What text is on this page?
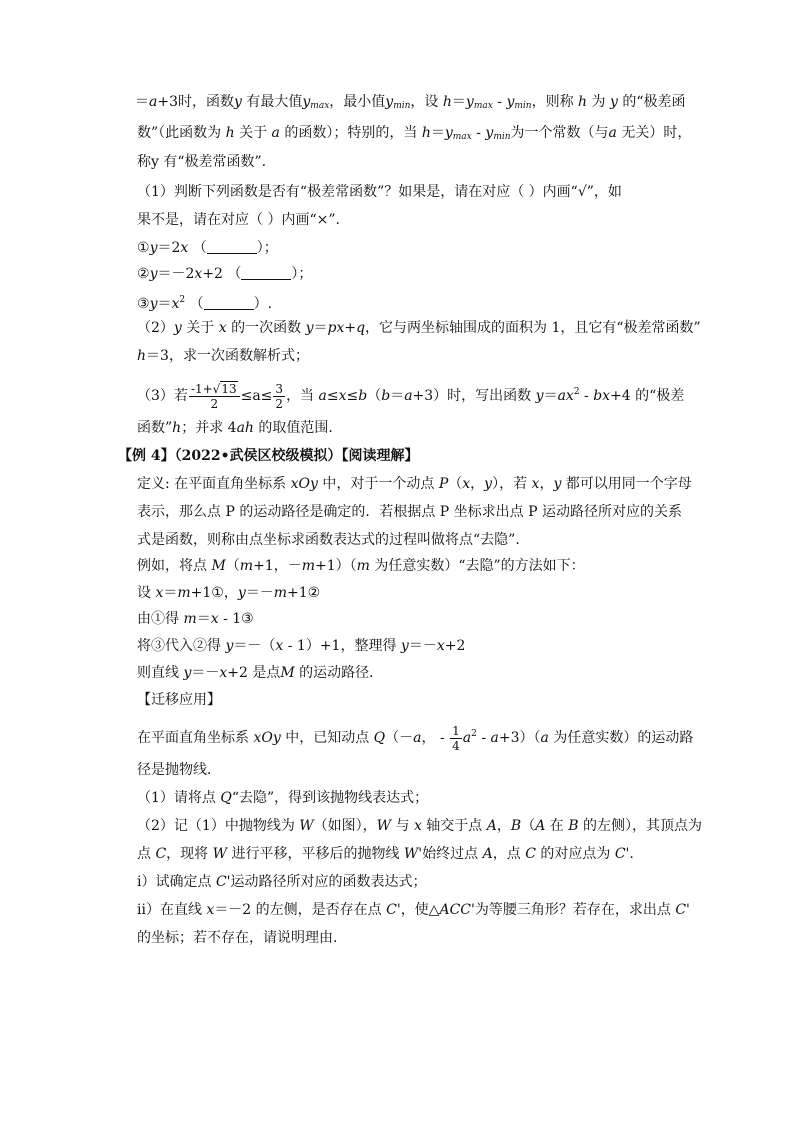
＝a+3时，函数y 有最大值$y_{max}$，最小值$y_{min}$，设 $h=y_{max} - y_{min}$，则称 h 为 y 的“极差函
数”（此函数为 h 关于 a 的函数）；特别的，当 $h=y_{max} - y_{min}$为一个常数（与a 无关）时，
称y 有“极差常函数”.
（1）判断下列函数是否有“极差常函数”？如果是，请在对应（ ）内画“√”，如
果不是，请在对应（ ）内画“×”.
①y＝2x （	）；
②y＝－2x+2 （	）；
$③y=x^2$ （	）.
（2）y 关于 x 的一次函数 y＝px+q，它与两坐标轴围成的面积为 1，且它有“极差常函数”
h＝3，求一次函数解析式；
（3）若 $\frac{-1+√13}{2} \le a\le \frac{3}{2}$ ，当 a≤x≤b（b＝a+3）时，写出函数 $y=ax^2 - bx+4$ 的“极差
函数”h；并求 4ah 的取值范围.
【例 4】（2022•武侯区校级模拟）【阅读理解】
定义: 在平面直角坐标系 xOy 中，对于一个动点 P（x，y），若 x，y 都可以用同一个字母
表示，那么点 P 的运动路径是确定的．若根据点 P 坐标求出点 P 运动路径所对应的关系
式是函数，则称由点坐标求函数表达式的过程叫做将点“去隐”.
例如，将点 M（m+1，－m+1）（m 为任意实数）“去隐”的方法如下：
设 x＝m+1①，y＝－m+1②
由①得 m＝x - 1③
将③代入②得 y＝－（x - 1）+1，整理得 y＝－x+2
则直线 y＝－x+2 是点M 的运动路径．
【迁移应用】
在平面直角坐标系 xOy 中，已知动点 Q（－a， - $\frac{1}{4} a^2 - a+3)(a$ 为任意实数）的运动路
径是抛物线．
（1）请将点 Q“去隐”，得到该抛物线表达式；
（2）记（1）中抛物线为 W（如图），W 与 x 轴交于点 A，B（A 在 B 的左侧），其顶点为
点 C，现将 W 进行平移，平移后的抛物线 W'始终过点 A，点 C 的对应点为 C'.
ⅰ）试确定点 C'运动路径所对应的函数表达式；
ⅱ）在直线 x＝－2 的左侧，是否存在点 C'，使△ACC'为等腰三角形？若存在，求出点 C'
的坐标；若不存在，请说明理由.
